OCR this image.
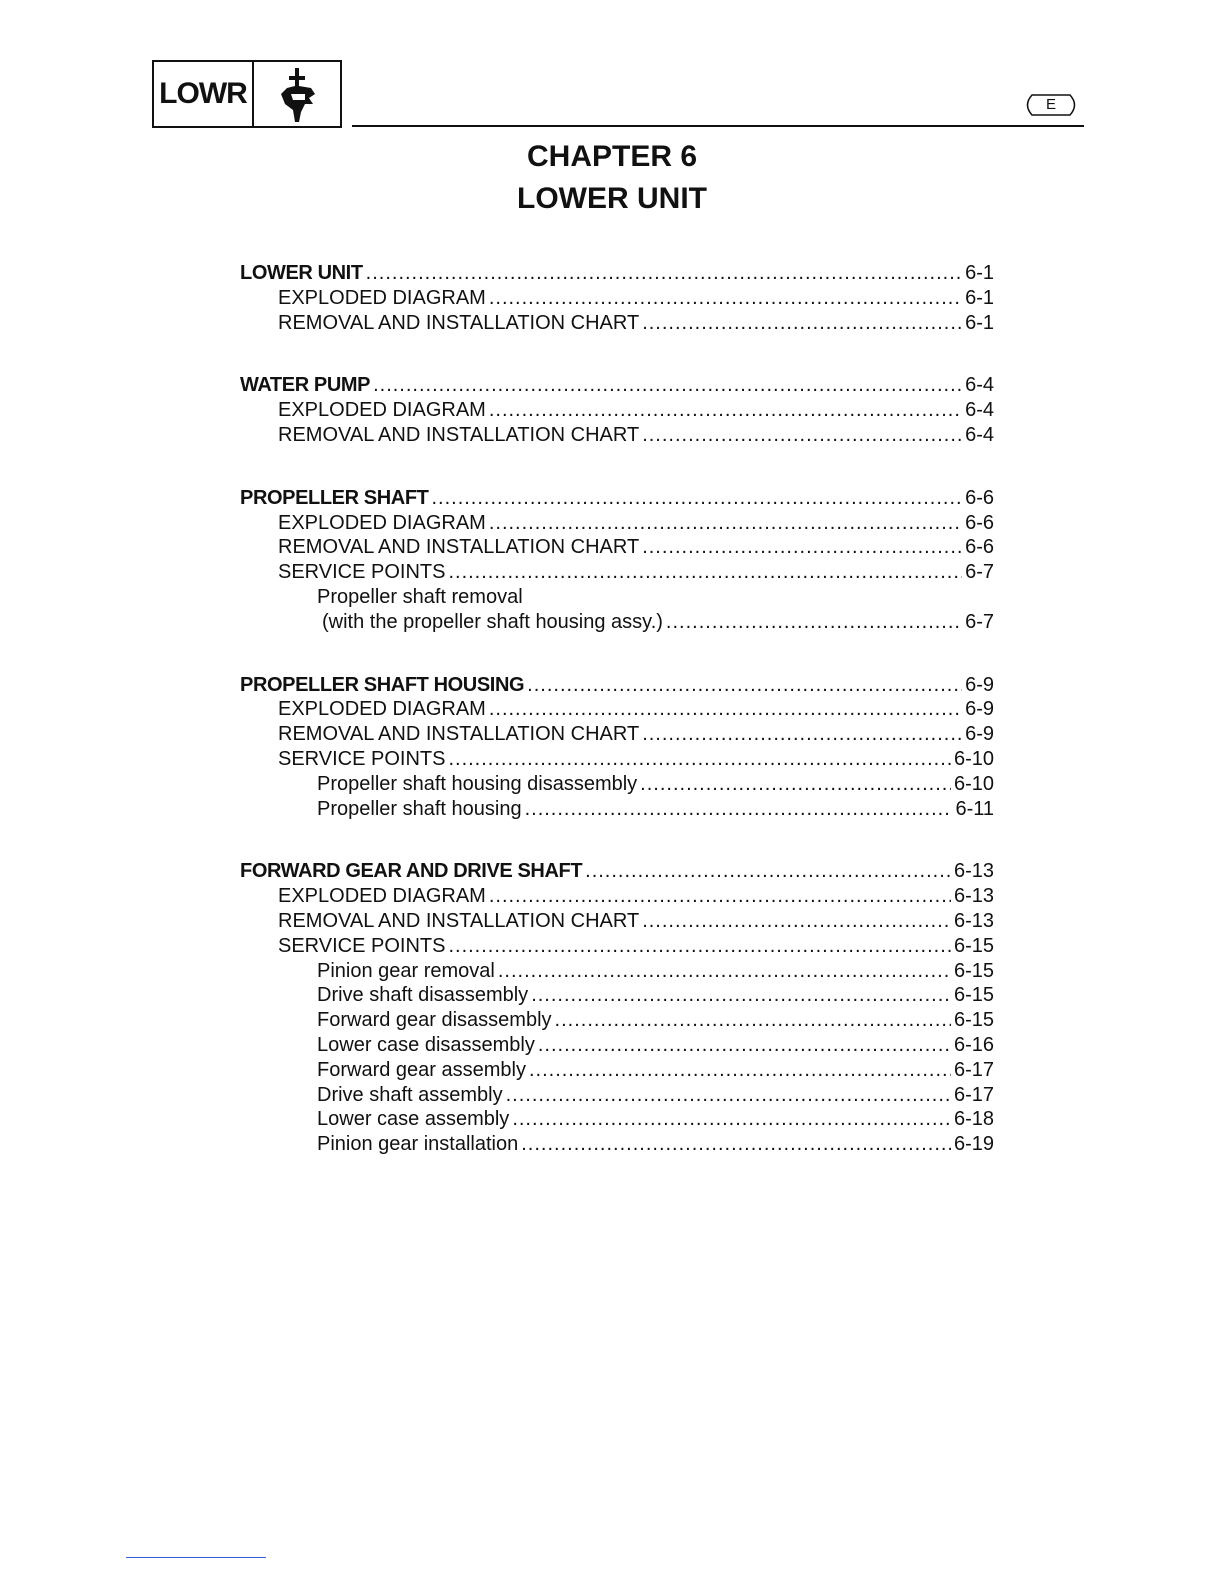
LOWR	E
CHAPTER 6
LOWER UNIT
LOWER UNIT .....	6-1
EXPLODED DIAGRAM .....	6-1
REMOVAL AND INSTALLATION CHART .....	6-1
WATER PUMP .....	6-4
EXPLODED DIAGRAM .....	6-4
REMOVAL AND INSTALLATION CHART .....	6-4
PROPELLER SHAFT .....	6-6
EXPLODED DIAGRAM .....	6-6
REMOVAL AND INSTALLATION CHART .....	6-6
SERVICE POINTS .....	6-7
Propeller shaft removal
(with the propeller shaft housing assy.) .....	6-7
PROPELLER SHAFT HOUSING .....	6-9
EXPLODED DIAGRAM .....	6-9
REMOVAL AND INSTALLATION CHART .....	6-9
SERVICE POINTS .....	6-10
Propeller shaft housing disassembly .....	6-10
Propeller shaft housing .....	6-11
FORWARD GEAR AND DRIVE SHAFT .....	6-13
EXPLODED DIAGRAM .....	6-13
REMOVAL AND INSTALLATION CHART .....	6-13
SERVICE POINTS .....	6-15
Pinion gear removal .....	6-15
Drive shaft disassembly .....	6-15
Forward gear disassembly .....	6-15
Lower case disassembly .....	6-16
Forward gear assembly .....	6-17
Drive shaft assembly .....	6-17
Lower case assembly .....	6-18
Pinion gear installation .....	6-19
